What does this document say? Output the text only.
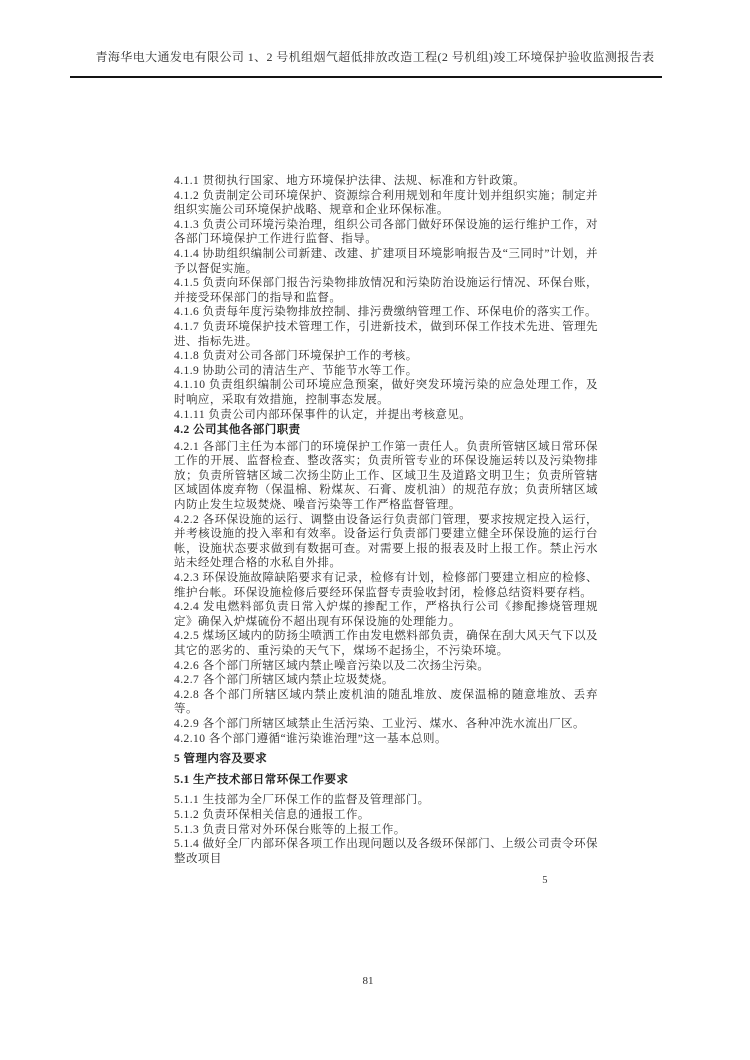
青海华电大通发电有限公司 1、2 号机组烟气超低排放改造工程(2 号机组)竣工环境保护验收监测报告表

4.1.1 贯彻执行国家、地方环境保护法律、法规、标准和方针政策。

4.1.2 负责制定公司环境保护、资源综合利用规划和年度计划并组织实施；制定并组织实施公司环境保护战略、规章和企业环保标准。

4.1.3 负责公司环境污染治理，组织公司各部门做好环保设施的运行维护工作，对各部门环境保护工作进行监督、指导。

4.1.4 协助组织编制公司新建、改建、扩建项目环境影响报告及“三同时”计划，并予以督促实施。

4.1.5 负责向环保部门报告污染物排放情况和污染防治设施运行情况、环保台账，并接受环保部门的指导和监督。

4.1.6 负责每年度污染物排放控制、排污费缴纳管理工作、环保电价的落实工作。

4.1.7 负责环境保护技术管理工作，引进新技术，做到环保工作技术先进、管理先进、指标先进。

4.1.8 负责对公司各部门环境保护工作的考核。

4.1.9 协助公司的清洁生产、节能节水等工作。

4.1.10 负责组织编制公司环境应急预案，做好突发环境污染的应急处理工作，及时响应，采取有效措施，控制事态发展。

4.1.11 负责公司内部环保事件的认定，并提出考核意见。

4.2 公司其他各部门职责

4.2.1 各部门主任为本部门的环境保护工作第一责任人。负责所管辖区域日常环保工作的开展、监督检查、整改落实；负责所管专业的环保设施运转以及污染物排放；负责所管辖区域二次扬尘防止工作、区域卫生及道路文明卫生；负责所管辖区域固体废弃物（保温棉、粉煤灰、石膏、废机油）的规范存放；负责所辖区域内防止发生垃圾焚烧、噪音污染等工作严格监督管理。

4.2.2 各环保设施的运行、调整由设备运行负责部门管理，要求按规定投入运行，并考核设施的投入率和有效率。设备运行负责部门要建立健全环保设施的运行台帐，设施状态要求做到有数据可查。对需要上报的报表及时上报工作。禁止污水站未经处理合格的水私自外排。

4.2.3 环保设施故障缺陷要求有记录，检修有计划，检修部门要建立相应的检修、维护台帐。环保设施检修后要经环保监督专责验收封闭，检修总结资料要存档。

4.2.4 发电燃料部负责日常入炉煤的掺配工作，严格执行公司《掺配掺烧管理规定》确保入炉煤硫份不超出现有环保设施的处理能力。

4.2.5 煤场区域内的防扬尘喷洒工作由发电燃料部负责，确保在刮大风天气下以及其它的恶劣的、重污染的天气下，煤场不起扬尘，不污染环境。

4.2.6 各个部门所辖区域内禁止噪音污染以及二次扬尘污染。

4.2.7 各个部门所辖区域内禁止垃圾焚烧。

4.2.8 各个部门所辖区域内禁止废机油的随乱堆放、废保温棉的随意堆放、丢弃等。

4.2.9 各个部门所辖区域禁止生活污染、工业污、煤水、各种冲洗水流出厂区。

4.2.10 各个部门遵循“谁污染谁治理”这一基本总则。

5 管理内容及要求

5.1 生产技术部日常环保工作要求

5.1.1 生技部为全厂环保工作的监督及管理部门。

5.1.2 负责环保相关信息的通报工作。

5.1.3 负责日常对外环保台账等的上报工作。

5.1.4 做好全厂内部环保各项工作出现问题以及各级环保部门、上级公司责令环保整改项目

5
81
